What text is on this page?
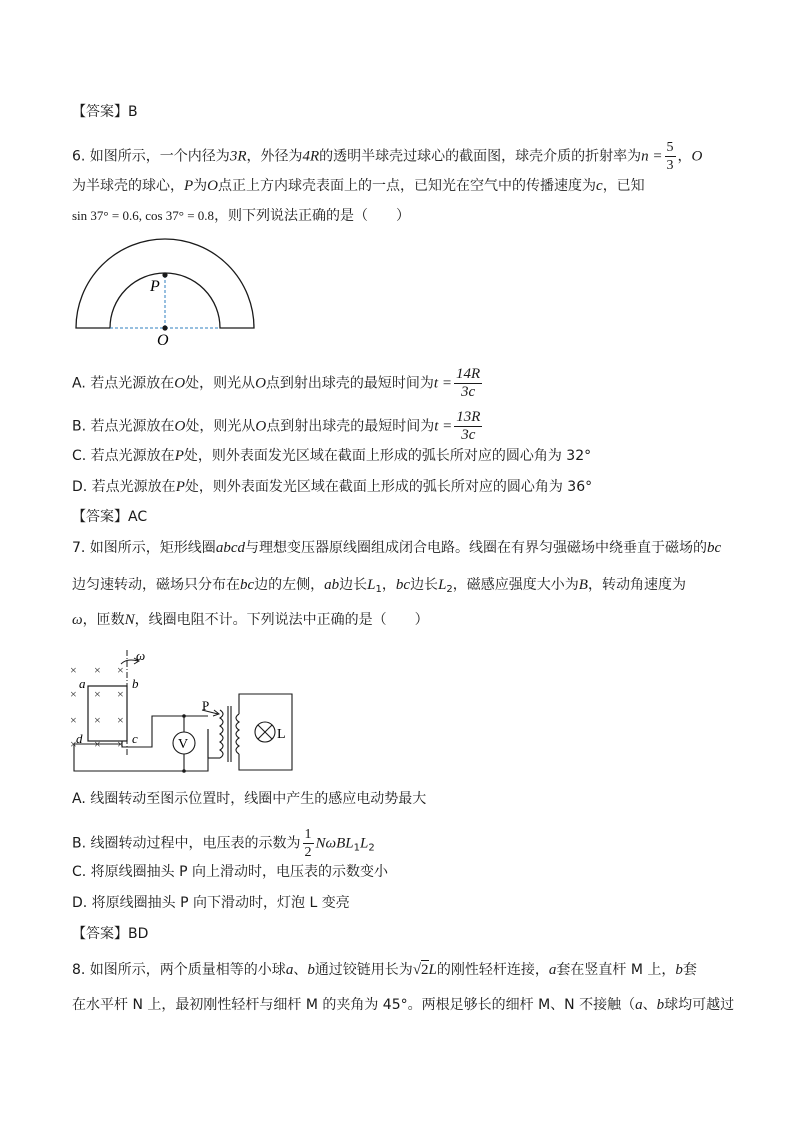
【答案】B
6. 如图所示，一个内径为3R，外径为4R的透明半球壳过球心的截面图，球壳介质的折射率为$n = \frac{5}{3}$ ，O
为半球壳的球心，P为O点正上方内球壳表面上的一点，已知光在空气中的传播速度为c，已知
sin 37° = 0.6, cos 37° = 0.8，则下列说法正确的是（　　）
P
O
A. 若点光源放在O处，则光从O点到射出球壳的最短时间为$t = \frac{14R}{3c}$
B. 若点光源放在O处，则光从O点到射出球壳的最短时间为$t = \frac{13R}{3c}$
C. 若点光源放在P处，则外表面发光区域在截面上形成的弧长所对应的圆心角为 32°
D. 若点光源放在P处，则外表面发光区域在截面上形成的弧长所对应的圆心角为 36°
【答案】AC
7. 如图所示，矩形线圈abcd与理想变压器原线圈组成闭合电路。线圈在有界匀强磁场中绕垂直于磁场的bc
边匀速转动，磁场只分布在bc边的左侧，ab边长$L_1$，bc边长$L_2$，磁感应强度大小为B，转动角速度为
ω，匝数N，线圈电阻不计。下列说法中正确的是（　　）
× × ×
× × ×
× × ×
× × ×
ω
a	b
c
d	V
P
L
A. 线圈转动至图示位置时，线圈中产生的感应电动势最大
B. 线圈转动过程中，电压表的示数为 $\frac{1}{2} N\omega BL_1L_2$
C. 将原线圈抽头 P 向上滑动时，电压表的示数变小
D. 将原线圈抽头 P 向下滑动时，灯泡 L 变亮
【答案】BD
8. 如图所示，两个质量相等的小球a、b通过铰链用长为√2L的刚性轻杆连接，a套在竖直杆 M 上，b套
在水平杆 N 上，最初刚性轻杆与细杆 M 的夹角为 45°。两根足够长的细杆 M、N 不接触（a、b球均可越过
